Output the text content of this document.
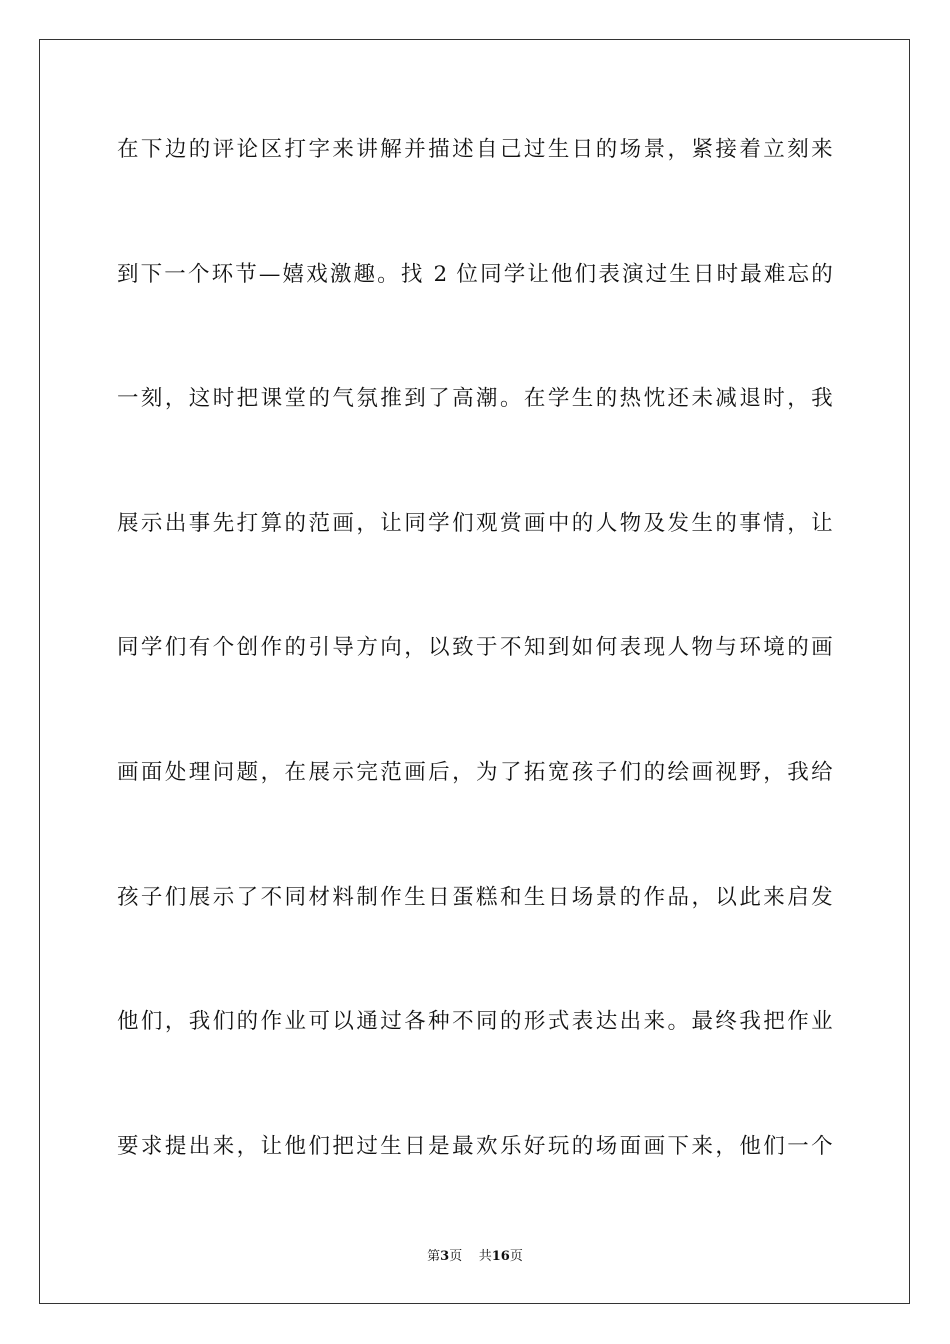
在下边的评论区打字来讲解并描述自己过生日的场景，紧接着立刻来
到下一个环节—嬉戏激趣。找 2 位同学让他们表演过生日时最难忘的
一刻，这时把课堂的气氛推到了高潮。在学生的热忱还未减退时，我
展示出事先打算的范画，让同学们观赏画中的人物及发生的事情，让
同学们有个创作的引导方向，以致于不知到如何表现人物与环境的画
画面处理问题，在展示完范画后，为了拓宽孩子们的绘画视野，我给
孩子们展示了不同材料制作生日蛋糕和生日场景的作品，以此来启发
他们，我们的作业可以通过各种不同的形式表达出来。最终我把作业
要求提出来，让他们把过生日是最欢乐好玩的场面画下来，他们一个
第3页 共16页
